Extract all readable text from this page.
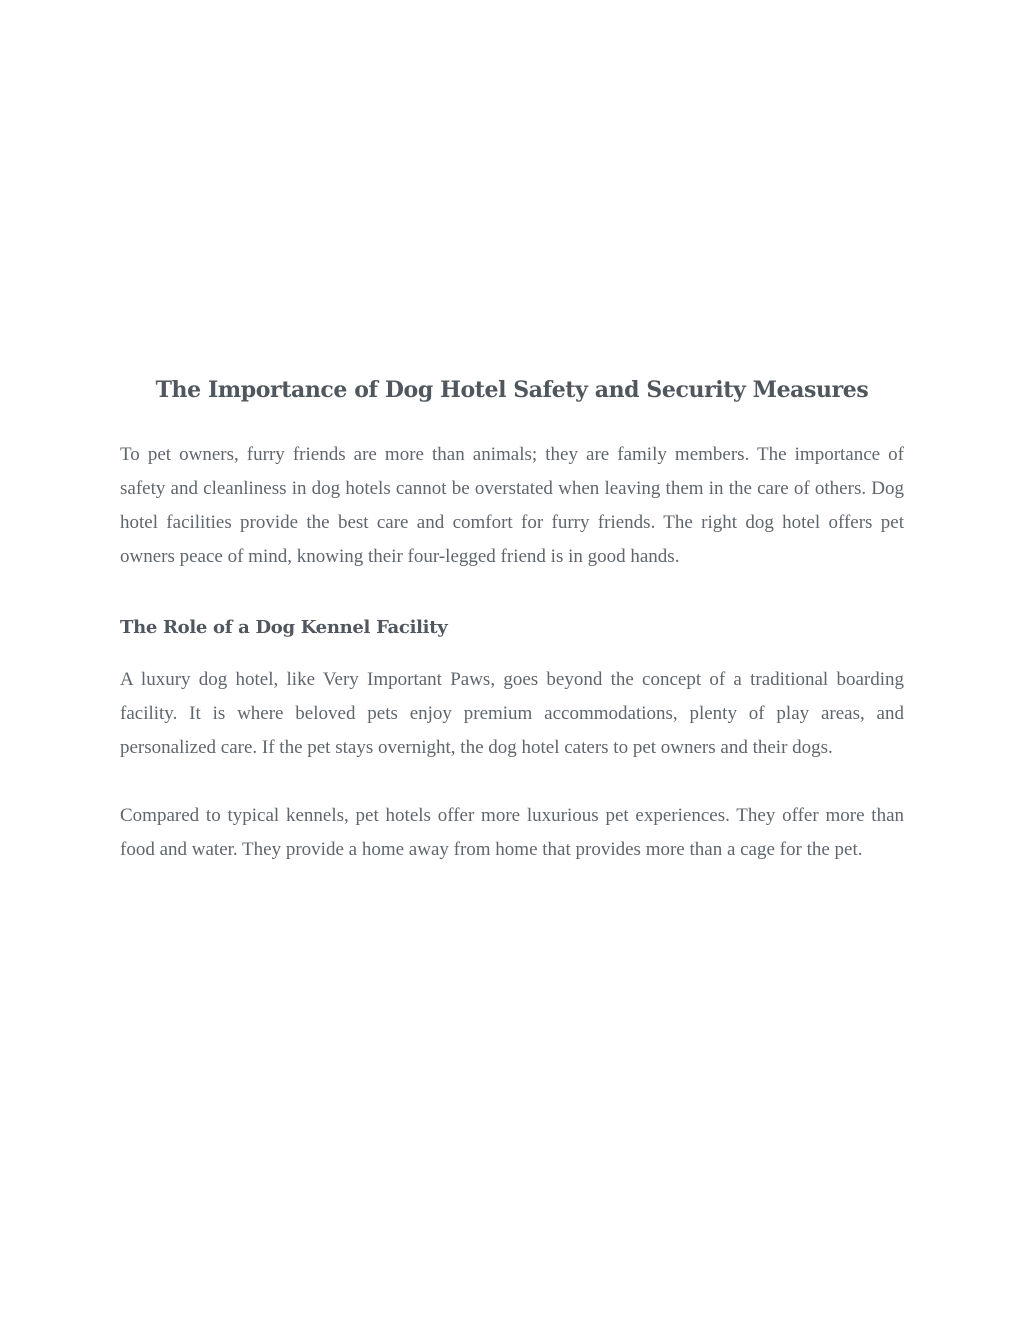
The Importance of Dog Hotel Safety and Security Measures

To pet owners, furry friends are more than animals; they are family members. The importance of safety and cleanliness in dog hotels cannot be overstated when leaving them in the care of others. Dog hotel facilities provide the best care and comfort for furry friends. The right dog hotel offers pet owners peace of mind, knowing their four-legged friend is in good hands.

The Role of a Dog Kennel Facility

A luxury dog hotel, like Very Important Paws, goes beyond the concept of a traditional boarding facility. It is where beloved pets enjoy premium accommodations, plenty of play areas, and personalized care. If the pet stays overnight, the dog hotel caters to pet owners and their dogs.

Compared to typical kennels, pet hotels offer more luxurious pet experiences. They offer more than food and water. They provide a home away from home that provides more than a cage for the pet.
